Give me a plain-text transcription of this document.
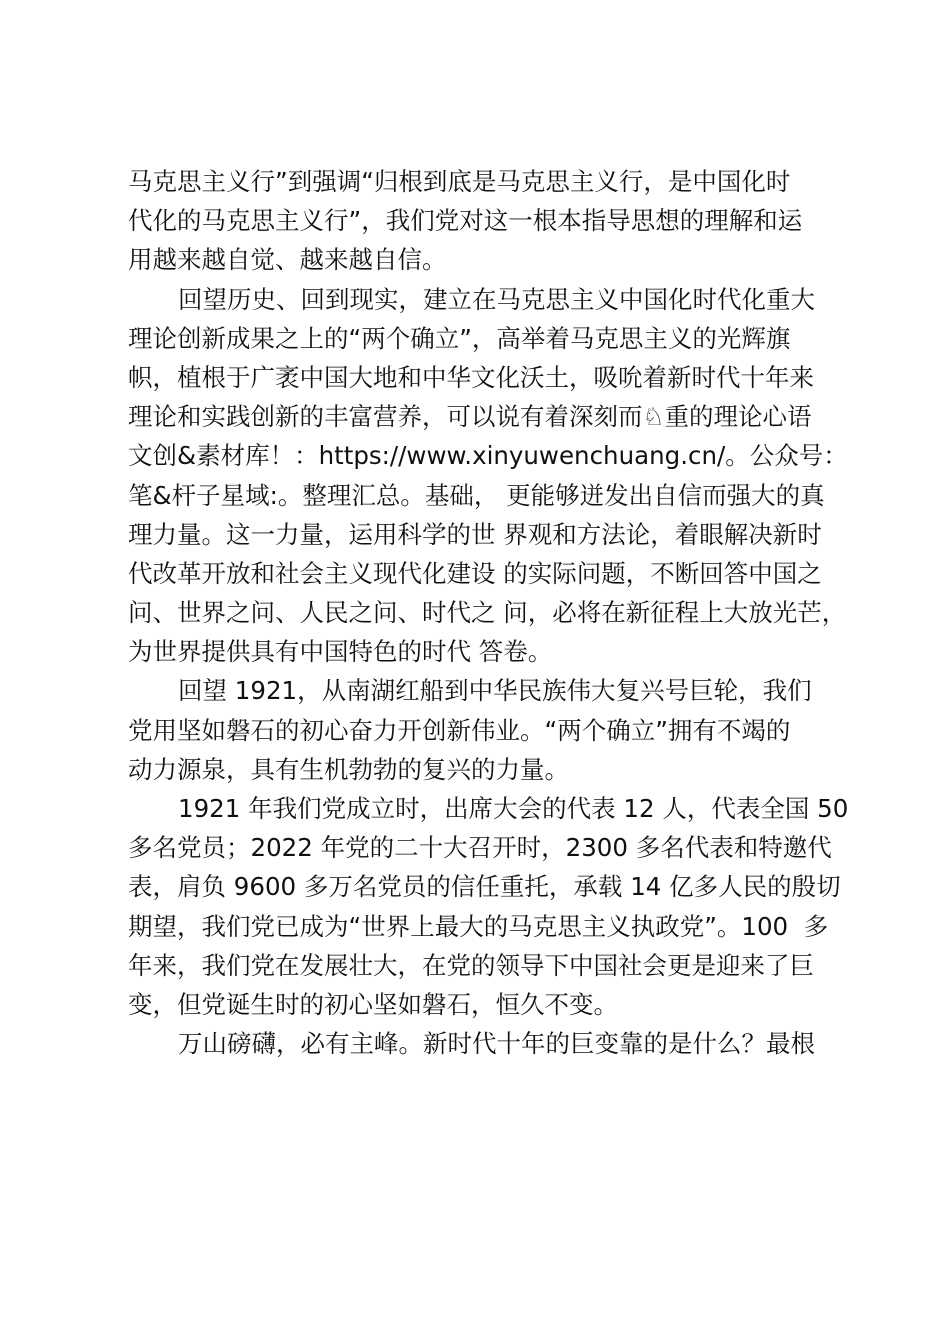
马克思主义行”到强调“归根到底是马克思主义行，是中国化时
代化的马克思主义行”，我们党对这一根本指导思想的理解和运
用越来越自觉、越来越自信。
回望历史、回到现实，建立在马克思主义中国化时代化重大
理论创新成果之上的“两个确立”，高举着马克思主义的光辉旗
帜，植根于广袤中国大地和中华文化沃土，吸吮着新时代十年来
理论和实践创新的丰富营养，可以说有着深刻而♘重的理论心语
文创&素材库！：https://www.xinyuwenchuang.cn/。公众号：
笔&杆子星域:。整理汇总。基础， 更能够迸发出自信而强大的真
理力量。这一力量，运用科学的世 界观和方法论，着眼解决新时
代改革开放和社会主义现代化建设 的实际问题，不断回答中国之
问、世界之问、人民之问、时代之 问，必将在新征程上大放光芒，
为世界提供具有中国特色的时代 答卷。
回望 1921，从南湖红船到中华民族伟大复兴号巨轮，我们
党用坚如磐石的初心奋力开创新伟业。“两个确立”拥有不竭的
动力源泉，具有生机勃勃的复兴的力量。
1921 年我们党成立时，出席大会的代表 12 人，代表全国 50
多名党员；2022 年党的二十大召开时，2300 多名代表和特邀代
表，肩负 9600 多万名党员的信任重托，承载 14 亿多人民的殷切
期望，我们党已成为“世界上最大的马克思主义执政党”。100  多
年来，我们党在发展壮大，在党的领导下中国社会更是迎来了巨
变，但党诞生时的初心坚如磐石，恒久不变。
万山磅礴，必有主峰。新时代十年的巨变靠的是什么？最根
